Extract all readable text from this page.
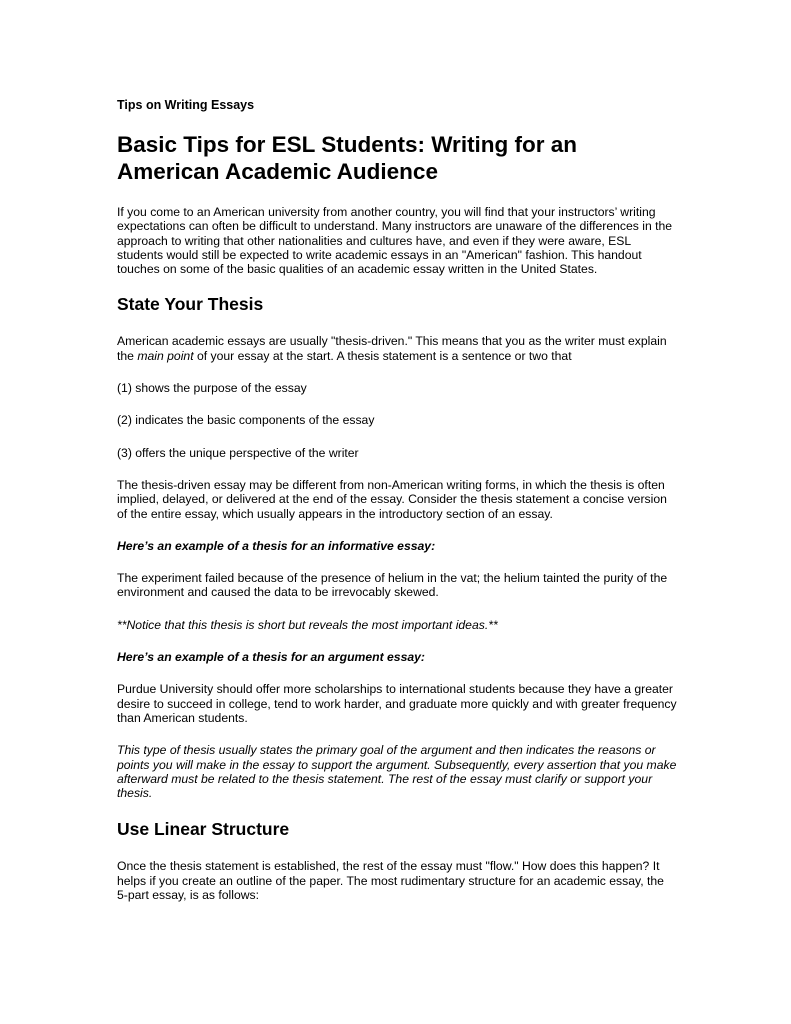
Tips on Writing Essays
Basic Tips for ESL Students: Writing for an American Academic Audience

If you come to an American university from another country, you will find that your instructors’ writing expectations can often be difficult to understand. Many instructors are unaware of the differences in the approach to writing that other nationalities and cultures have, and even if they were aware, ESL students would still be expected to write academic essays in an "American" fashion. This handout touches on some of the basic qualities of an academic essay written in the United States.

State Your Thesis

American academic essays are usually "thesis-driven." This means that you as the writer must explain the main point of your essay at the start. A thesis statement is a sentence or two that

(1) shows the purpose of the essay

(2) indicates the basic components of the essay

(3) offers the unique perspective of the writer

The thesis-driven essay may be different from non-American writing forms, in which the thesis is often implied, delayed, or delivered at the end of the essay. Consider the thesis statement a concise version of the entire essay, which usually appears in the introductory section of an essay.

Here’s an example of a thesis for an informative essay:

The experiment failed because of the presence of helium in the vat; the helium tainted the purity of the environment and caused the data to be irrevocably skewed.

**Notice that this thesis is short but reveals the most important ideas.**

Here’s an example of a thesis for an argument essay:

Purdue University should offer more scholarships to international students because they have a greater desire to succeed in college, tend to work harder, and graduate more quickly and with greater frequency than American students.

This type of thesis usually states the primary goal of the argument and then indicates the reasons or points you will make in the essay to support the argument. Subsequently, every assertion that you make afterward must be related to the thesis statement. The rest of the essay must clarify or support your thesis.

Use Linear Structure

Once the thesis statement is established, the rest of the essay must "flow." How does this happen? It helps if you create an outline of the paper. The most rudimentary structure for an academic essay, the 5-part essay, is as follows:
